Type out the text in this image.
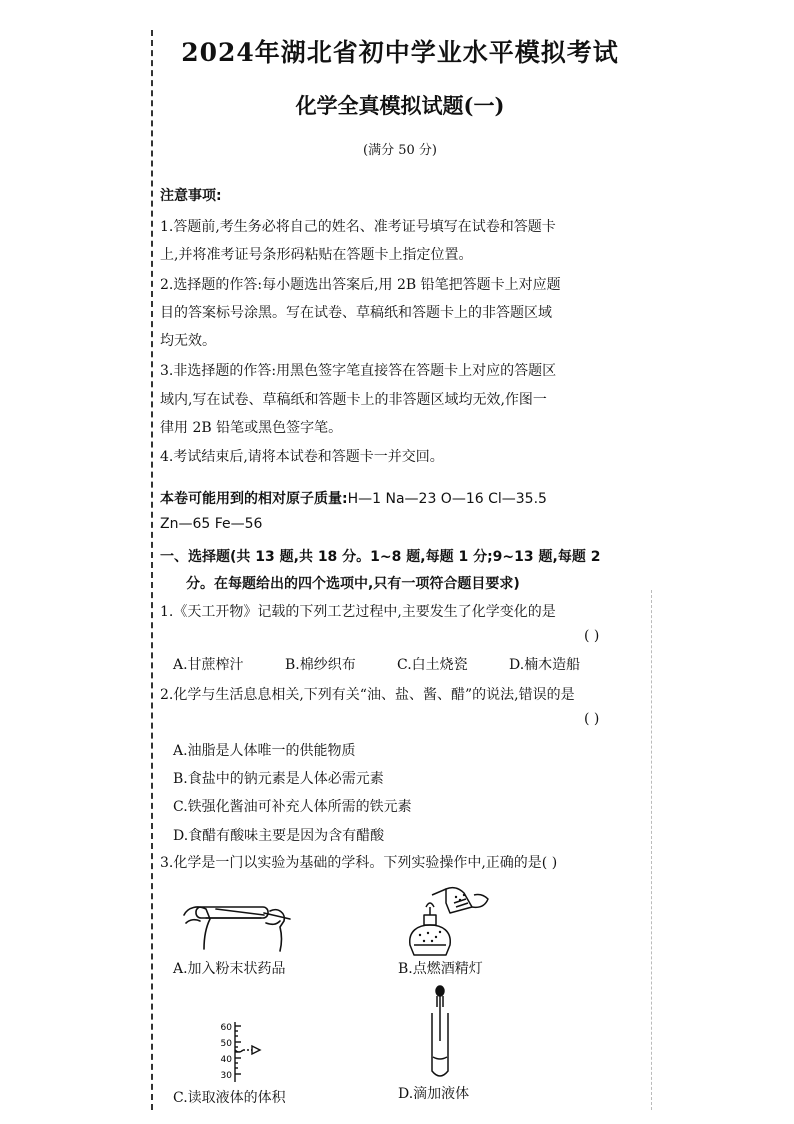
2024年湖北省初中学业水平模拟考试
化学全真模拟试题(一)
(满分 50 分)
注意事项:
1.答题前,考生务必将自己的姓名、准考证号填写在试卷和答题卡
上,并将准考证号条形码粘贴在答题卡上指定位置。
2.选择题的作答:每小题选出答案后,用 2B 铅笔把答题卡上对应题
目的答案标号涂黑。写在试卷、草稿纸和答题卡上的非答题区域
均无效。
3.非选择题的作答:用黑色签字笔直接答在答题卡上对应的答题区
域内,写在试卷、草稿纸和答题卡上的非答题区域均无效,作图一
律用 2B 铅笔或黑色签字笔。
4.考试结束后,请将本试卷和答题卡一并交回。
本卷可能用到的相对原子质量:H—1 Na—23 O—16 Cl—35.5
Zn—65 Fe—56
一、选择题(共 13 题,共 18 分。1~8 题,每题 1 分;9~13 题,每题 2
分。在每题给出的四个选项中,只有一项符合题目要求)
1.《天工开物》记载的下列工艺过程中,主要发生了化学变化的是
( )
A.甘蔗榨汁	B.棉纱织布	C.白土烧瓷	D.楠木造船
2.化学与生活息息相关,下列有关“油、盐、酱、醋”的说法,错误的是
( )
A.油脂是人体唯一的供能物质
B.食盐中的钠元素是人体必需元素
C.铁强化酱油可补充人体所需的铁元素
D.食醋有酸味主要是因为含有醋酸
3.化学是一门以实验为基础的学科。下列实验操作中,正确的是( )
A.加入粉末状药品	B.点燃酒精灯
60
50
40
30
C.读取液体的体积	D.滴加液体
